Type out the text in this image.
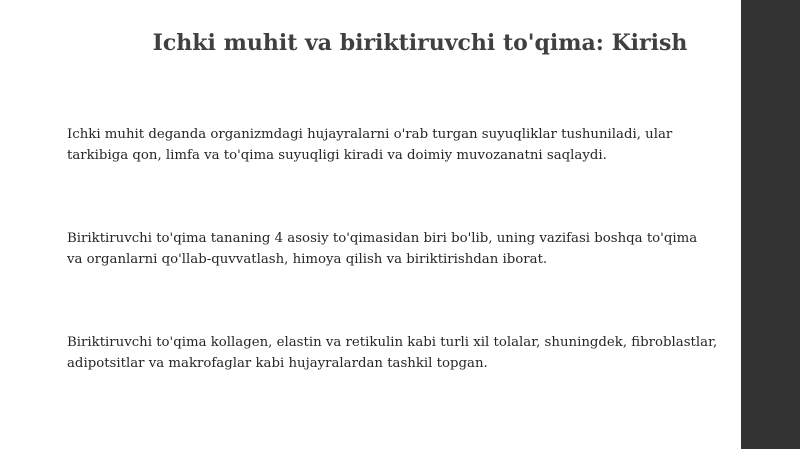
Ichki muhit va biriktiruvchi to'qima: Kirish

Ichki muhit deganda organizmdagi hujayralarni o'rab turgan suyuqliklar tushuniladi, ular
tarkibiga qon, limfa va to'qima suyuqligi kiradi va doimiy muvozanatni saqlaydi.

Biriktiruvchi to'qima tananing 4 asosiy to'qimasidan biri bo'lib, uning vazifasi boshqa to'qima
va organlarni qo'llab-quvvatlash, himoya qilish va biriktirishdan iborat.

Biriktiruvchi to'qima kollagen, elastin va retikulin kabi turli xil tolalar, shuningdek, fibroblastlar,
adipotsitlar va makrofaglar kabi hujayralardan tashkil topgan.
